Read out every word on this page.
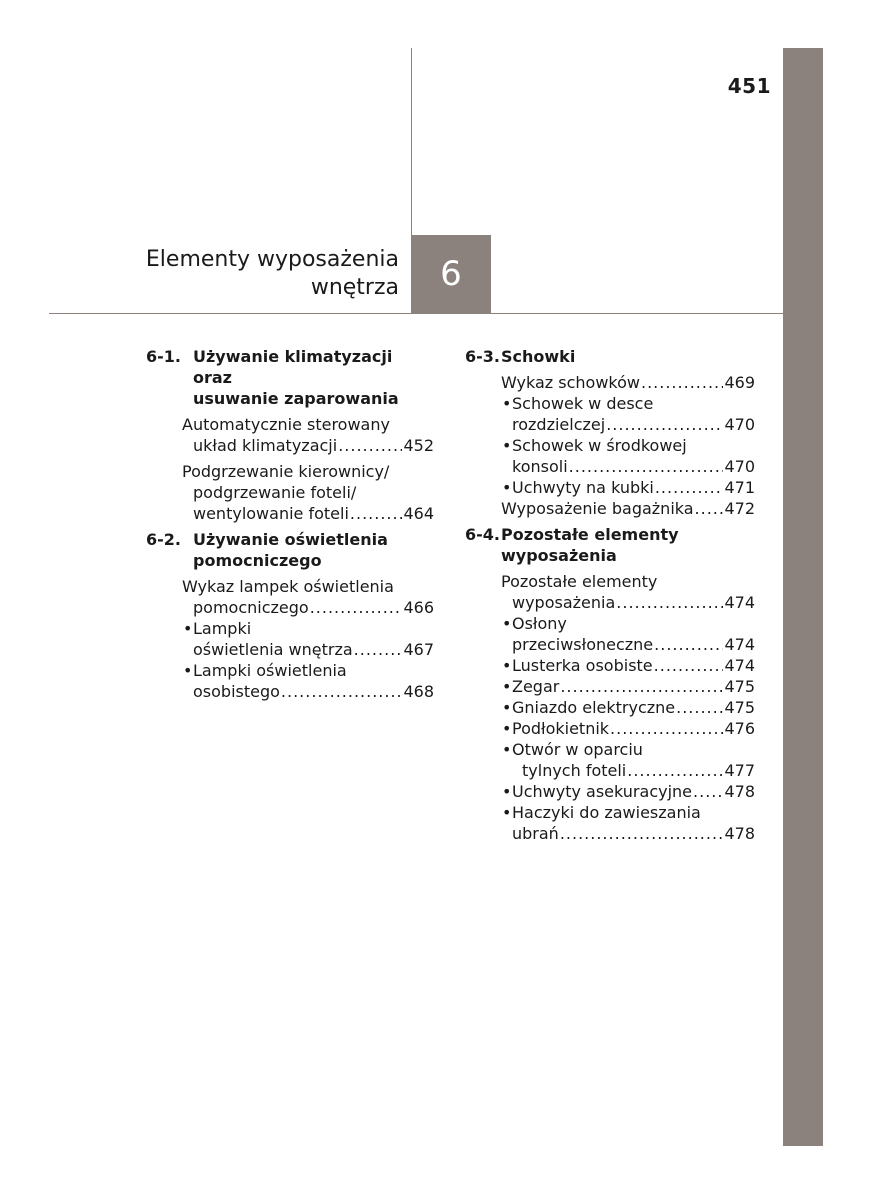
451
6
Elementy wyposażenia
wnętrza
6-1. Używanie klimatyzacji oraz
usuwanie zaparowania
Automatycznie sterowany
układ klimatyzacji .....	452
Podgrzewanie kierownicy/
podgrzewanie foteli/
wentylowanie foteli .....	464
6-2. Używanie oświetlenia
pomocniczego
Wykaz lampek oświetlenia
pomocniczego .....	466
• Lampki
oświetlenia wnętrza .....	467
• Lampki oświetlenia
osobistego .....	468
6-3. Schowki
Wykaz schowków .....	469
• Schowek w desce
rozdzielczej .....	470
• Schowek w środkowej
konsoli .....	470
• Uchwyty na kubki .....	471
Wyposażenie bagażnika ..... 472
6-4. Pozostałe elementy
wyposażenia
Pozostałe elementy
wyposażenia .....	474
• Osłony
przeciwsłoneczne .....	474
• Lusterka osobiste .....	474
• Zegar .....	475
• Gniazdo elektryczne .....	475
• Podłokietnik .....	476
• Otwór w oparciu
tylnych foteli .....	477
• Uchwyty asekuracyjne ..... 478
• Haczyki do zawieszania
ubrań .....	478
